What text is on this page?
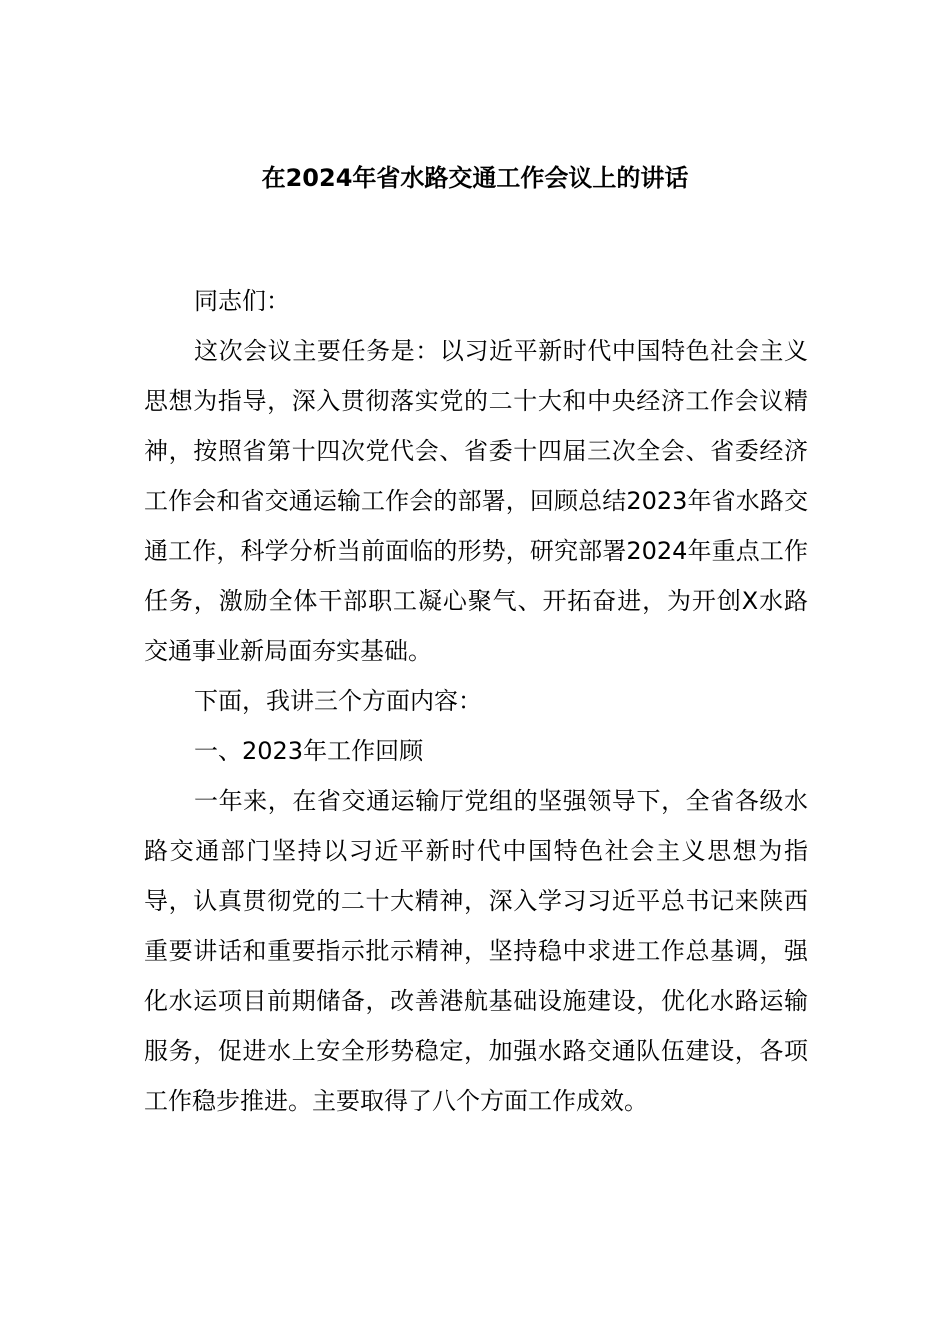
在2024年省水路交通工作会议上的讲话

同志们：

这次会议主要任务是：以习近平新时代中国特色社会主义思想为指导，深入贯彻落实党的二十大和中央经济工作会议精神，按照省第十四次党代会、省委十四届三次全会、省委经济工作会和省交通运输工作会的部署，回顾总结2023年省水路交通工作，科学分析当前面临的形势，研究部署2024年重点工作任务，激励全体干部职工凝心聚气、开拓奋进，为开创X水路交通事业新局面夯实基础。

下面，我讲三个方面内容：

一、2023年工作回顾

一年来，在省交通运输厅党组的坚强领导下，全省各级水路交通部门坚持以习近平新时代中国特色社会主义思想为指导，认真贯彻党的二十大精神，深入学习习近平总书记来陕西重要讲话和重要指示批示精神，坚持稳中求进工作总基调，强化水运项目前期储备，改善港航基础设施建设，优化水路运输服务，促进水上安全形势稳定，加强水路交通队伍建设，各项工作稳步推进。主要取得了八个方面工作成效。
